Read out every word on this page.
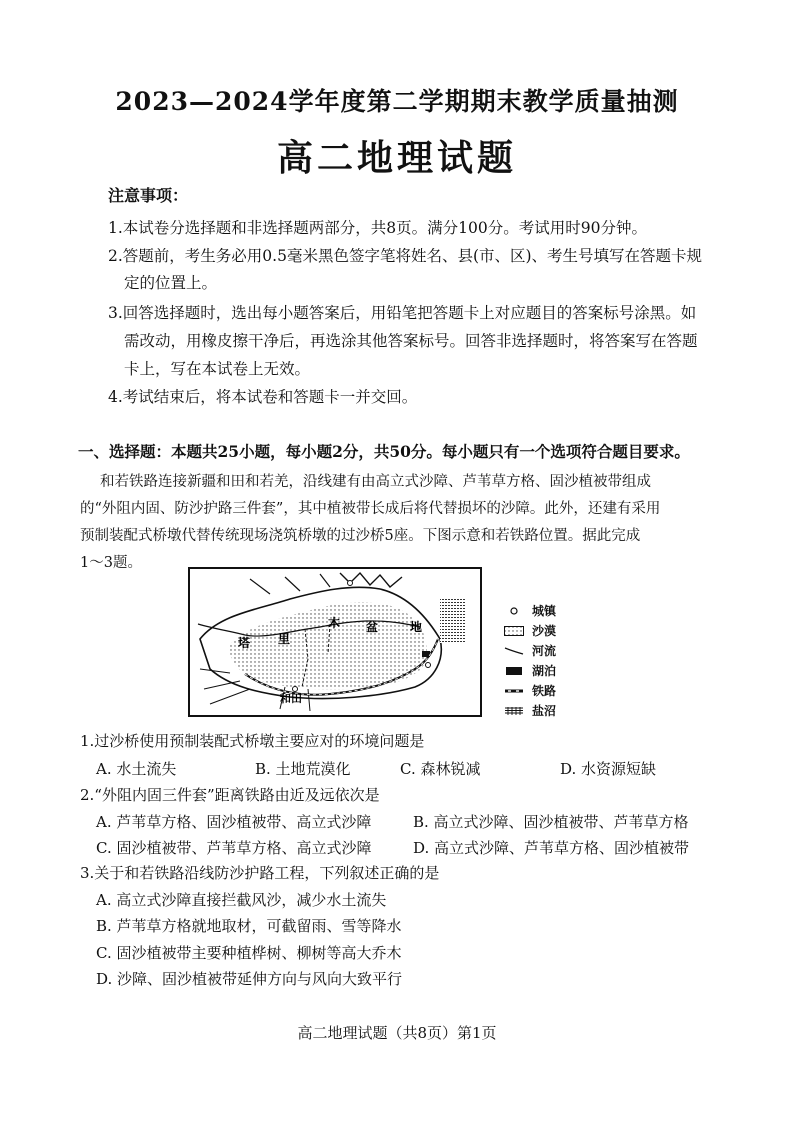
2023—2024学年度第二学期期末教学质量抽测
高二地理试题
注意事项：
1.本试卷分选择题和非选择题两部分，共8页。满分100分。考试用时90分钟。
2.答题前，考生务必用0.5毫米黑色签字笔将姓名、县(市、区)、考生号填写在答题卡规
定的位置上。
3.回答选择题时，选出每小题答案后，用铅笔把答题卡上对应题目的答案标号涂黑。如
需改动，用橡皮擦干净后，再选涂其他答案标号。回答非选择题时，将答案写在答题
卡上，写在本试卷上无效。
4.考试结束后，将本试卷和答题卡一并交回。
一、选择题：本题共25小题，每小题2分，共50分。每小题只有一个选项符合题目要求。
和若铁路连接新疆和田和若羌，沿线建有由高立式沙障、芦苇草方格、固沙植被带组成
的“外阻内固、防沙护路三件套”，其中植被带长成后将代替损坏的沙障。此外，还建有采用
预制装配式桥墩代替传统现场浇筑桥墩的过沙桥5座。下图示意和若铁路位置。据此完成
1～3题。
塔 里
木 盆	地
和田
城镇
沙漠
河流
湖泊
铁路
盐沼
1.过沙桥使用预制装配式桥墩主要应对的环境问题是
A. 水土流失	B. 土地荒漠化	C. 森林锐减	D. 水资源短缺
2.“外阻内固三件套”距离铁路由近及远依次是
A. 芦苇草方格、固沙植被带、高立式沙障	B. 高立式沙障、固沙植被带、芦苇草方格
C. 固沙植被带、芦苇草方格、高立式沙障	D. 高立式沙障、芦苇草方格、固沙植被带
3.关于和若铁路沿线防沙护路工程，下列叙述正确的是
A. 高立式沙障直接拦截风沙，减少水土流失
B. 芦苇草方格就地取材，可截留雨、雪等降水
C. 固沙植被带主要种植桦树、柳树等高大乔木
D. 沙障、固沙植被带延伸方向与风向大致平行
高二地理试题（共8页）第1页
